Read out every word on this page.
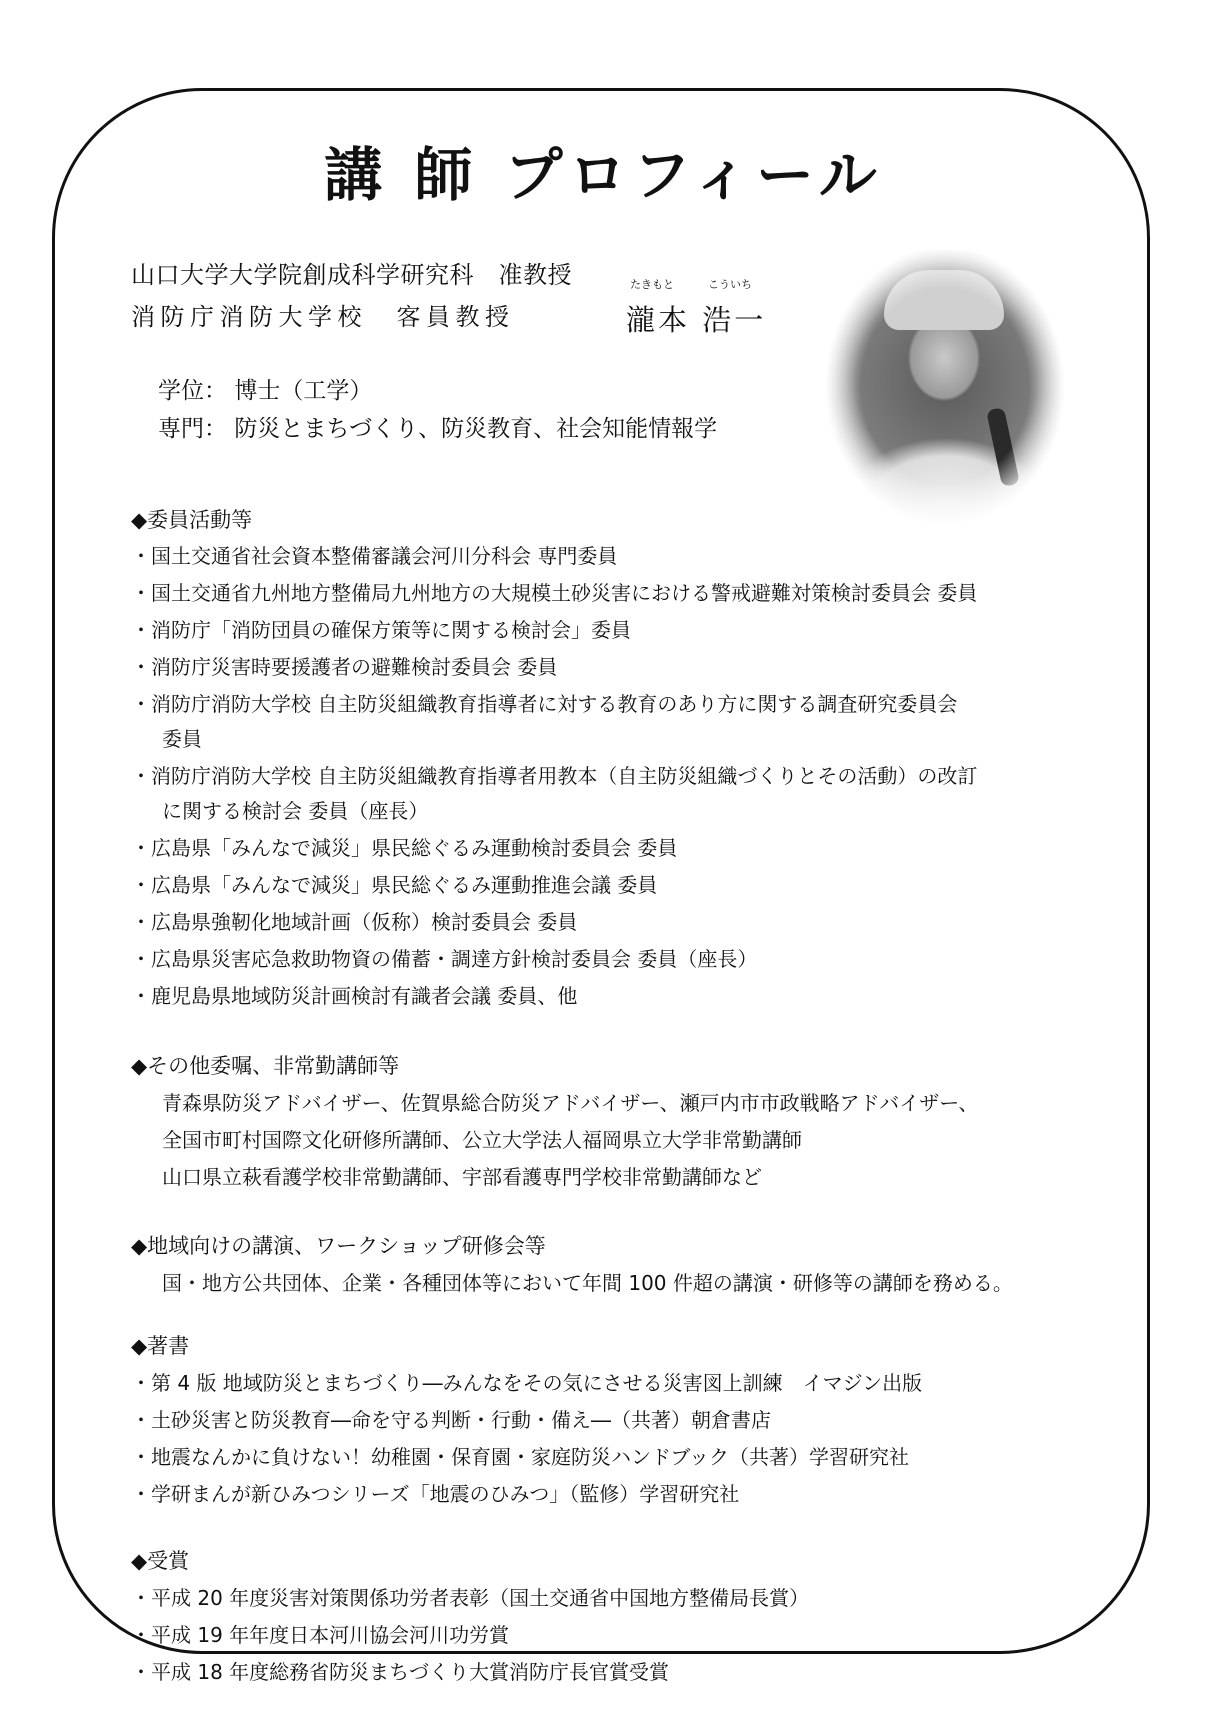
講 師 プロフィール
山口大学大学院創成科学研究科　准教授
消防庁消防大学校　客員教授
たきもと	こういち
瀧本 浩一
学位： 博士（工学）
専門： 防災とまちづくり、防災教育、社会知能情報学
◆委員活動等
・国土交通省社会資本整備審議会河川分科会 専門委員
・国土交通省九州地方整備局九州地方の大規模土砂災害における警戒避難対策検討委員会 委員
・消防庁「消防団員の確保方策等に関する検討会」委員
・消防庁災害時要援護者の避難検討委員会 委員
・消防庁消防大学校 自主防災組織教育指導者に対する教育のあり方に関する調査研究委員会
委員
・消防庁消防大学校 自主防災組織教育指導者用教本（自主防災組織づくりとその活動）の改訂
に関する検討会 委員（座長）
・広島県「みんなで減災」県民総ぐるみ運動検討委員会 委員
・広島県「みんなで減災」県民総ぐるみ運動推進会議 委員
・広島県強靭化地域計画（仮称）検討委員会 委員
・広島県災害応急救助物資の備蓄・調達方針検討委員会 委員（座長）
・鹿児島県地域防災計画検討有識者会議 委員、他
◆その他委嘱、非常勤講師等
青森県防災アドバイザー、佐賀県総合防災アドバイザー、瀬戸内市市政戦略アドバイザー、
全国市町村国際文化研修所講師、公立大学法人福岡県立大学非常勤講師
山口県立萩看護学校非常勤講師、宇部看護専門学校非常勤講師など
◆地域向けの講演、ワークショップ研修会等
国・地方公共団体、企業・各種団体等において年間 100 件超の講演・研修等の講師を務める。
◆著書
・第 4 版 地域防災とまちづくり―みんなをその気にさせる災害図上訓練　イマジン出版
・土砂災害と防災教育―命を守る判断・行動・備え―（共著）朝倉書店
・地震なんかに負けない！幼稚園・保育園・家庭防災ハンドブック（共著）学習研究社
・学研まんが新ひみつシリーズ「地震のひみつ」（監修）学習研究社
◆受賞
・平成 20 年度災害対策関係功労者表彰（国土交通省中国地方整備局長賞）
・平成 19 年年度日本河川協会河川功労賞
・平成 18 年度総務省防災まちづくり大賞消防庁長官賞受賞
